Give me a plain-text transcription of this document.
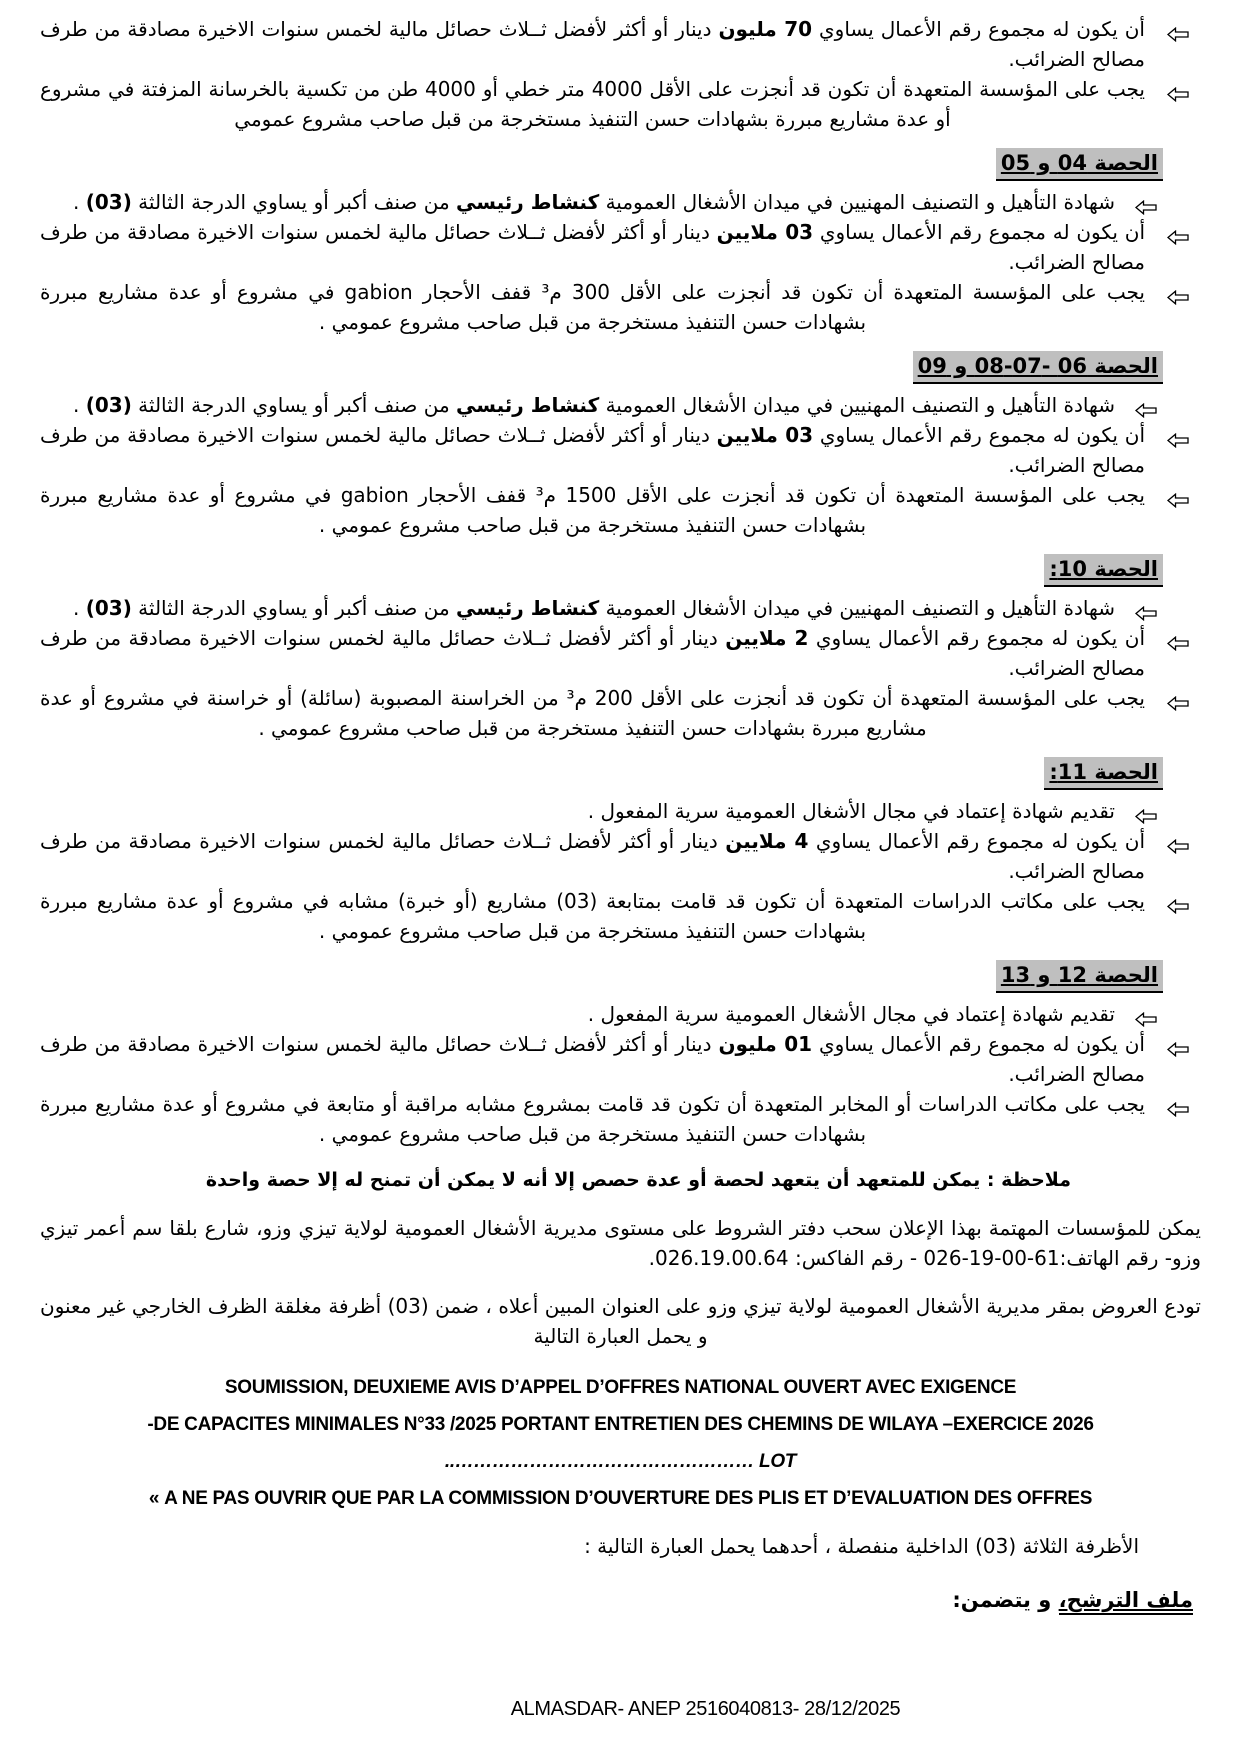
أن يكون له مجموع رقم الأعمال يساوي 70 مليون دينار أو أكثر لأفضل ثــلاث حصائل مالية لخمس سنوات الاخيرة مصادقة من طرف مصالح الضرائب.
يجب على المؤسسة المتعهدة أن تكون قد أنجزت على الأقل 4000 متر خطي أو 4000 طن من تكسية بالخرسانة المزفتة في مشروع أو عدة مشاريع مبررة بشهادات حسن التنفيذ مستخرجة من قبل صاحب مشروع عمومي
الحصة 04 و 05
شهادة التأهيل و التصنيف المهنيين في ميدان الأشغال العمومية كنشاط رئيسي من صنف أكبر أو يساوي الدرجة الثالثة (03) .
أن يكون له مجموع رقم الأعمال يساوي 03 ملايين دينار أو أكثر لأفضل ثــلاث حصائل مالية لخمس سنوات الاخيرة مصادقة من طرف مصالح الضرائب.
يجب على المؤسسة المتعهدة أن تكون قد أنجزت على الأقل 300 م³ قفف الأحجار gabion في مشروع أو عدة مشاريع مبررة بشهادات حسن التنفيذ مستخرجة من قبل صاحب مشروع عمومي .
الحصة 06 -07-08 و 09
شهادة التأهيل و التصنيف المهنيين في ميدان الأشغال العمومية كنشاط رئيسي من صنف أكبر أو يساوي الدرجة الثالثة (03) .
أن يكون له مجموع رقم الأعمال يساوي 03 ملايين دينار أو أكثر لأفضل ثــلاث حصائل مالية لخمس سنوات الاخيرة مصادقة من طرف مصالح الضرائب.
يجب على المؤسسة المتعهدة أن تكون قد أنجزت على الأقل 1500 م³ قفف الأحجار gabion في مشروع أو عدة مشاريع مبررة بشهادات حسن التنفيذ مستخرجة من قبل صاحب مشروع عمومي .
الحصة 10:
شهادة التأهيل و التصنيف المهنيين في ميدان الأشغال العمومية كنشاط رئيسي من صنف أكبر أو يساوي الدرجة الثالثة (03) .
أن يكون له مجموع رقم الأعمال يساوي 2 ملايين دينار أو أكثر لأفضل ثــلاث حصائل مالية لخمس سنوات الاخيرة مصادقة من طرف مصالح الضرائب.
يجب على المؤسسة المتعهدة أن تكون قد أنجزت على الأقل 200 م³ من الخراسنة المصبوبة (سائلة) أو خراسنة في مشروع أو عدة مشاريع مبررة بشهادات حسن التنفيذ مستخرجة من قبل صاحب مشروع عمومي .
الحصة 11:
تقديم شهادة إعتماد في مجال الأشغال العمومية سرية المفعول .
أن يكون له مجموع رقم الأعمال يساوي 4 ملايين دينار أو أكثر لأفضل ثــلاث حصائل مالية لخمس سنوات الاخيرة مصادقة من طرف مصالح الضرائب.
يجب على مكاتب الدراسات المتعهدة أن تكون قد قامت بمتابعة (03) مشاريع (أو خبرة) مشابه في مشروع أو عدة مشاريع مبررة بشهادات حسن التنفيذ مستخرجة من قبل صاحب مشروع عمومي .
الحصة 12 و 13
تقديم شهادة إعتماد في مجال الأشغال العمومية سرية المفعول .
أن يكون له مجموع رقم الأعمال يساوي 01 مليون دينار أو أكثر لأفضل ثــلاث حصائل مالية لخمس سنوات الاخيرة مصادقة من طرف مصالح الضرائب.
يجب على مكاتب الدراسات أو المخابر المتعهدة أن تكون قد قامت بمشروع مشابه مراقبة أو متابعة في مشروع أو عدة مشاريع مبررة بشهادات حسن التنفيذ مستخرجة من قبل صاحب مشروع عمومي .
ملاحظة : يمكن للمتعهد أن يتعهد لحصة أو عدة حصص إلا أنه لا يمكن أن تمنح له إلا حصة واحدة
يمكن للمؤسسات المهتمة بهذا الإعلان سحب دفتر الشروط على مستوى مديرية الأشغال العمومية لولاية تيزي وزو، شارع بلقا سم أعمر تيزي وزو- رقم الهاتف:61-00-19-026 - رقم الفاكس: 026.19.00.64.
تودع العروض بمقر مديرية الأشغال العمومية لولاية تيزي وزو على العنوان المبين أعلاه ، ضمن (03) أظرفة مغلقة الظرف الخارجي غير معنون و يحمل العبارة التالية
SOUMISSION, DEUXIEME AVIS D’APPEL D’OFFRES NATIONAL OUVERT AVEC EXIGENCE
DE CAPACITES MINIMALES N°33 /2025 PORTANT ENTRETIEN DES CHEMINS DE WILAYA –EXERCICE 2026-
LOT …………………………………………..
A NE PAS OUVRIR QUE PAR LA COMMISSION D’OUVERTURE DES PLIS ET D’EVALUATION DES OFFRES »
الأظرفة الثلاثة (03) الداخلية منفصلة ، أحدهما يحمل العبارة التالية :
ملف الترشح، و يتضمن:
ALMASDAR- ANEP 2516040813- 28/12/2025
